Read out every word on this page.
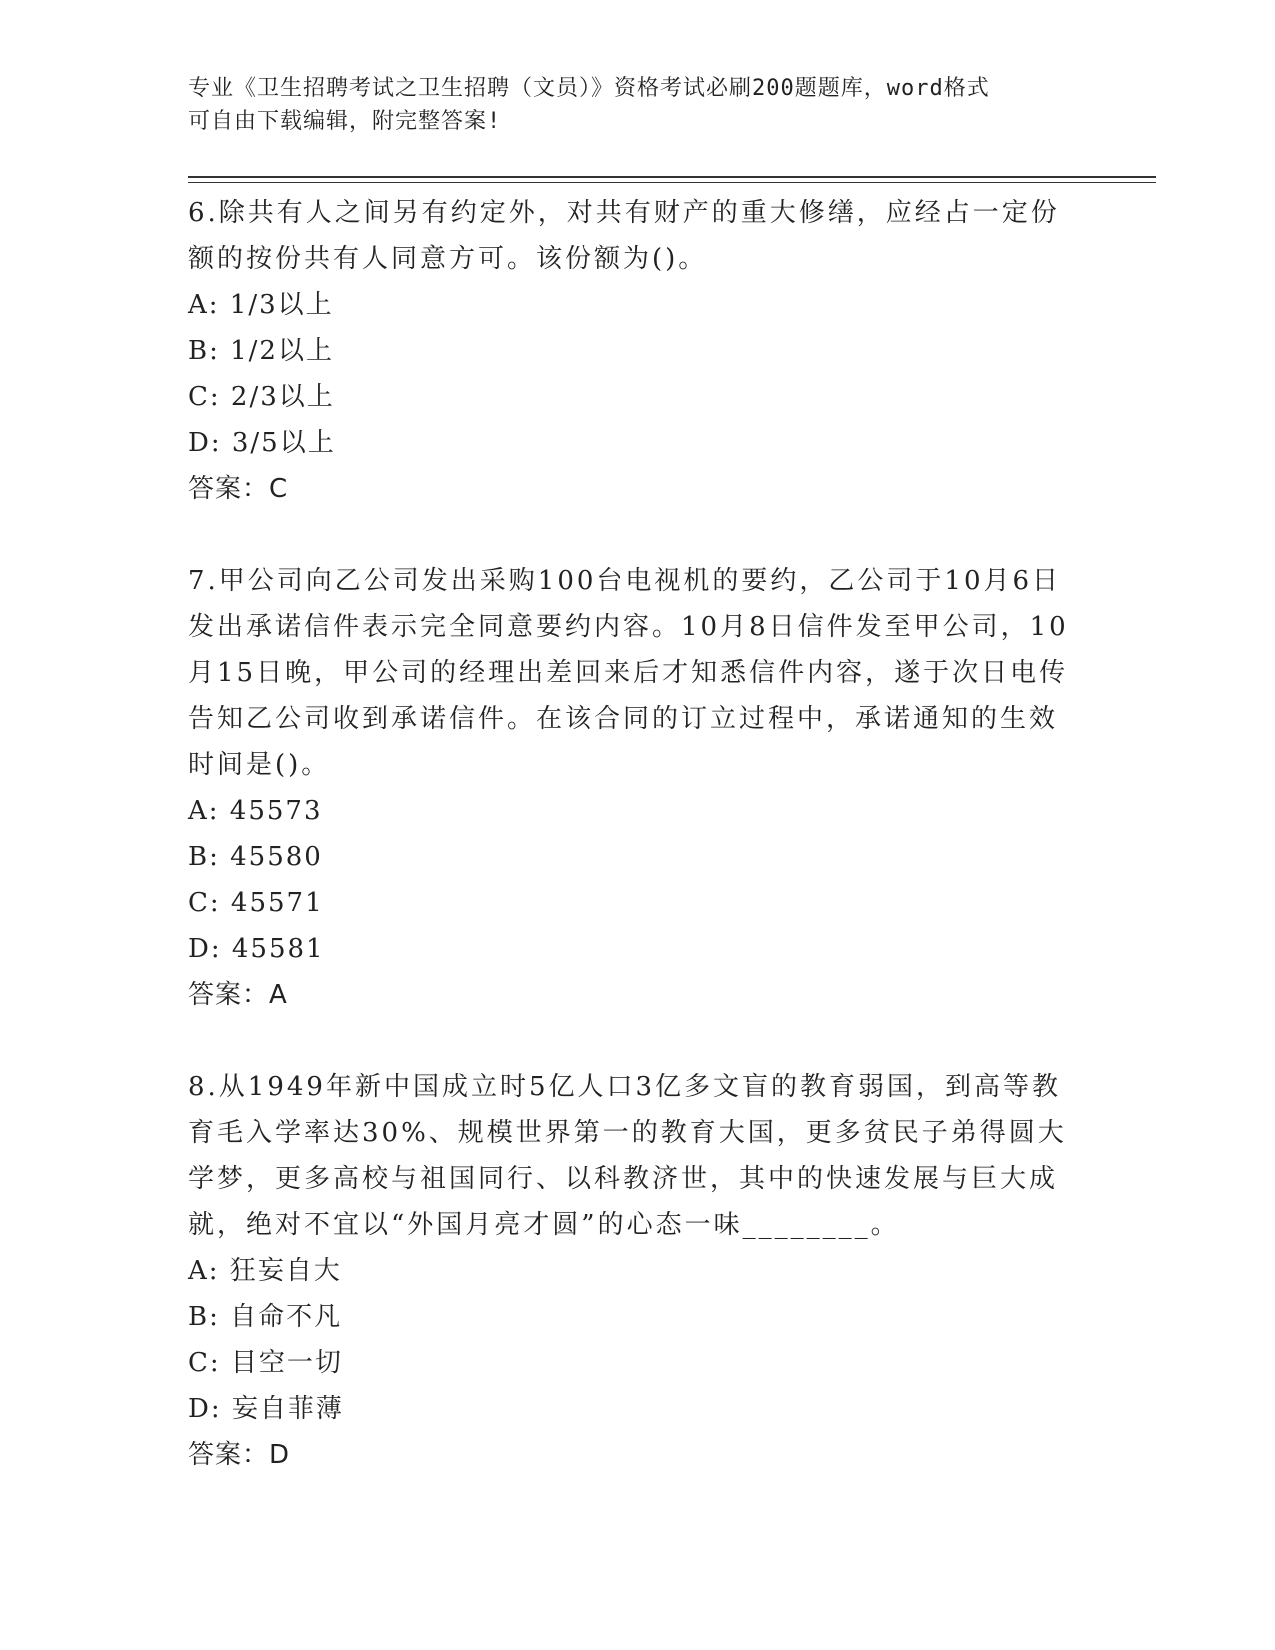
专业《卫生招聘考试之卫生招聘（文员）》资格考试必刷200题题库，word格式
可自由下载编辑，附完整答案!
6.除共有人之间另有约定外，对共有财产的重大修缮，应经占一定份额的按份共有人同意方可。该份额为()。
A: 1/3以上
B: 1/2以上
C: 2/3以上
D: 3/5以上
答案：C
7.甲公司向乙公司发出采购100台电视机的要约，乙公司于10月6日发出承诺信件表示完全同意要约内容。10月8日信件发至甲公司，10月15日晚，甲公司的经理出差回来后才知悉信件内容，遂于次日电传告知乙公司收到承诺信件。在该合同的订立过程中，承诺通知的生效时间是()。
A: 45573
B: 45580
C: 45571
D: 45581
答案：A
8.从1949年新中国成立时5亿人口3亿多文盲的教育弱国，到高等教育毛入学率达30%、规模世界第一的教育大国，更多贫民子弟得圆大学梦，更多高校与祖国同行、以科教济世，其中的快速发展与巨大成就，绝对不宜以“外国月亮才圆”的心态一味________。
A: 狂妄自大
B: 自命不凡
C: 目空一切
D: 妄自菲薄
答案：D
